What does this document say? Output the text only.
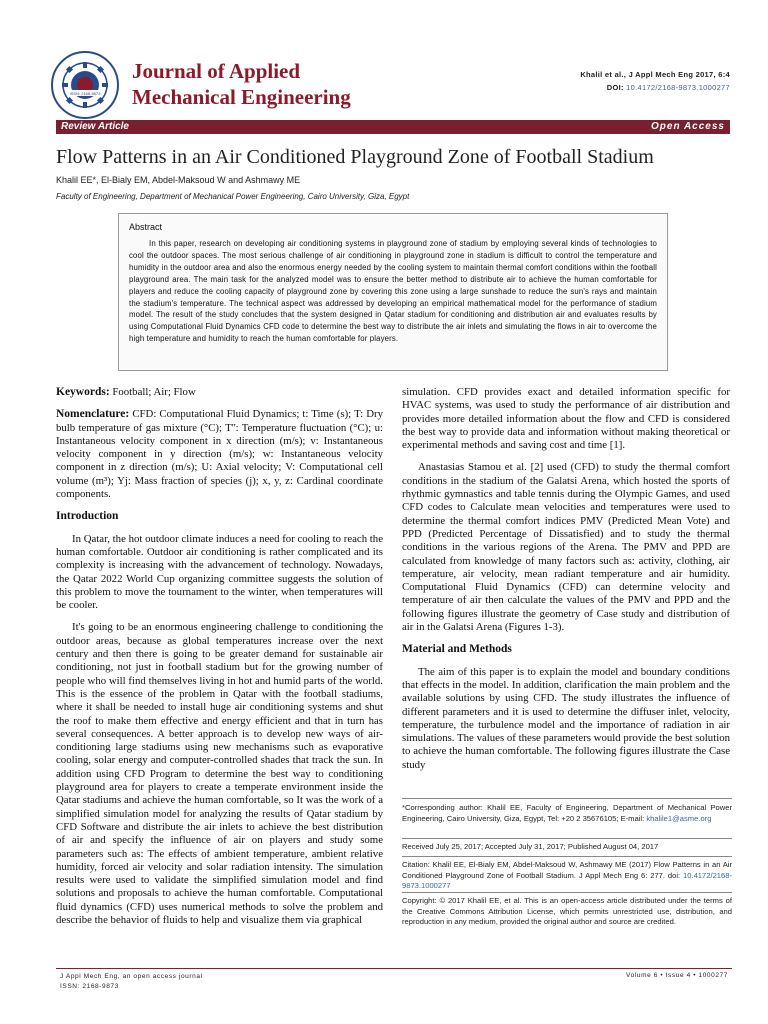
ISSN: 2168-9873
Journal of Applied
Mechanical Engineering
Khalil et al., J Appl Mech Eng 2017, 6:4
DOI: 10.4172/2168-9873.1000277
Review Article	Open Access
Flow Patterns in an Air Conditioned Playground Zone of Football Stadium
Khalil EE*, El-Bialy EM, Abdel-Maksoud W and Ashmawy ME
Faculty of Engineering, Department of Mechanical Power Engineering, Cairo University, Giza, Egypt
Abstract
In this paper, research on developing air conditioning systems in playground zone of stadium by employing several kinds of technologies to cool the outdoor spaces. The most serious challenge of air conditioning in playground zone in stadium is difficult to control the temperature and humidity in the outdoor area and also the enormous energy needed by the cooling system to maintain thermal comfort conditions within the football playground area. The main task for the analyzed model was to ensure the better method to distribute air to achieve the human comfortable for players and reduce the cooling capacity of playground zone by covering this zone using a large sunshade to reduce the sun's rays and maintain the stadium's temperature. The technical aspect was addressed by developing an empirical mathematical model for the performance of stadium model. The result of the study concludes that the system designed in Qatar stadium for conditioning and distribution air and evaluates results by using Computational Fluid Dynamics CFD code to determine the best way to distribute the air inlets and simulating the flows in air to overcome the high temperature and humidity to reach the human comfortable for players.

Keywords: Football; Air; Flow

Nomenclature: CFD: Computational Fluid Dynamics; t: Time (s); T: Dry bulb temperature of gas mixture (°C); T'': Temperature fluctuation (°C); u: Instantaneous velocity component in x direction (m/s); v: Instantaneous velocity component in y direction (m/s); w: Instantaneous velocity component in z direction (m/s); U: Axial velocity; V: Computational cell volume (m³); Yj: Mass fraction of species (j); x, y, z: Cardinal coordinate components.

Introduction

In Qatar, the hot outdoor climate induces a need for cooling to reach the human comfortable. Outdoor air conditioning is rather complicated and its complexity is increasing with the advancement of technology. Nowadays, the Qatar 2022 World Cup organizing committee suggests the solution of this problem to move the tournament to the winter, when temperatures will be cooler.

It's going to be an enormous engineering challenge to conditioning the outdoor areas, because as global temperatures increase over the next century and then there is going to be greater demand for sustainable air conditioning, not just in football stadium but for the growing number of people who will find themselves living in hot and humid parts of the world. This is the essence of the problem in Qatar with the football stadiums, where it shall be needed to install huge air conditioning systems and shut the roof to make them effective and energy efficient and that in turn has several consequences. A better approach is to develop new ways of air-conditioning large stadiums using new mechanisms such as evaporative cooling, solar energy and computer-controlled shades that track the sun. In addition using CFD Program to determine the best way to conditioning playground area for players to create a temperate environment inside the Qatar stadiums and achieve the human comfortable, so It was the work of a simplified simulation model for analyzing the results of Qatar stadium by CFD Software and distribute the air inlets to achieve the best distribution of air and specify the influence of air on players and study some parameters such as: The effects of ambient temperature, ambient relative humidity, forced air velocity and solar radiation intensity. The simulation results were used to validate the simplified simulation model and find solutions and proposals to achieve the human comfortable. Computational fluid dynamics (CFD) uses numerical methods to solve the problem and describe the behavior of fluids to help and visualize them via graphical

simulation. CFD provides exact and detailed information specific for HVAC systems, was used to study the performance of air distribution and provides more detailed information about the flow and CFD is considered the best way to provide data and information without making theoretical or experimental methods and saving cost and time [1].

Anastasias Stamou et al. [2] used (CFD) to study the thermal comfort conditions in the stadium of the Galatsi Arena, which hosted the sports of rhythmic gymnastics and table tennis during the Olympic Games, and used CFD codes to Calculate mean velocities and temperatures were used to determine the thermal comfort indices PMV (Predicted Mean Vote) and PPD (Predicted Percentage of Dissatisfied) and to study the thermal conditions in the various regions of the Arena. The PMV and PPD are calculated from knowledge of many factors such as: activity, clothing, air temperature, air velocity, mean radiant temperature and air humidity. Computational Fluid Dynamics (CFD) can determine velocity and temperature of air then calculate the values of the PMV and PPD and the following figures illustrate the geometry of Case study and distribution of air in the Galatsi Arena (Figures 1-3).

Material and Methods

The aim of this paper is to explain the model and boundary conditions that effects in the model. In addition, clarification the main problem and the available solutions by using CFD. The study illustrates the influence of different parameters and it is used to determine the diffuser inlet, velocity, temperature, the turbulence model and the importance of radiation in air simulations. The values of these parameters would provide the best solution to achieve the human comfortable. The following figures illustrate the Case study

*Corresponding author: Khalil EE, Faculty of Engineering, Department of Mechanical Power Engineering, Cairo University, Giza, Egypt, Tel: +20 2 35676105; E-mail: khalile1@asme.org
Received July 25, 2017; Accepted July 31, 2017; Published August 04, 2017
Citation: Khalil EE, El-Bialy EM, Abdel-Maksoud W, Ashmawy ME (2017) Flow Patterns in an Air Conditioned Playground Zone of Football Stadium. J Appl Mech Eng 6: 277. doi: 10.4172/2168-9873.1000277
Copyright: © 2017 Khalil EE, et al. This is an open-access article distributed under the terms of the Creative Commons Attribution License, which permits unrestricted use, distribution, and reproduction in any medium, provided the original author and source are credited.
J Appl Mech Eng, an open access journal
ISSN: 2168-9873
Volume 6 • Issue 4 • 1000277
